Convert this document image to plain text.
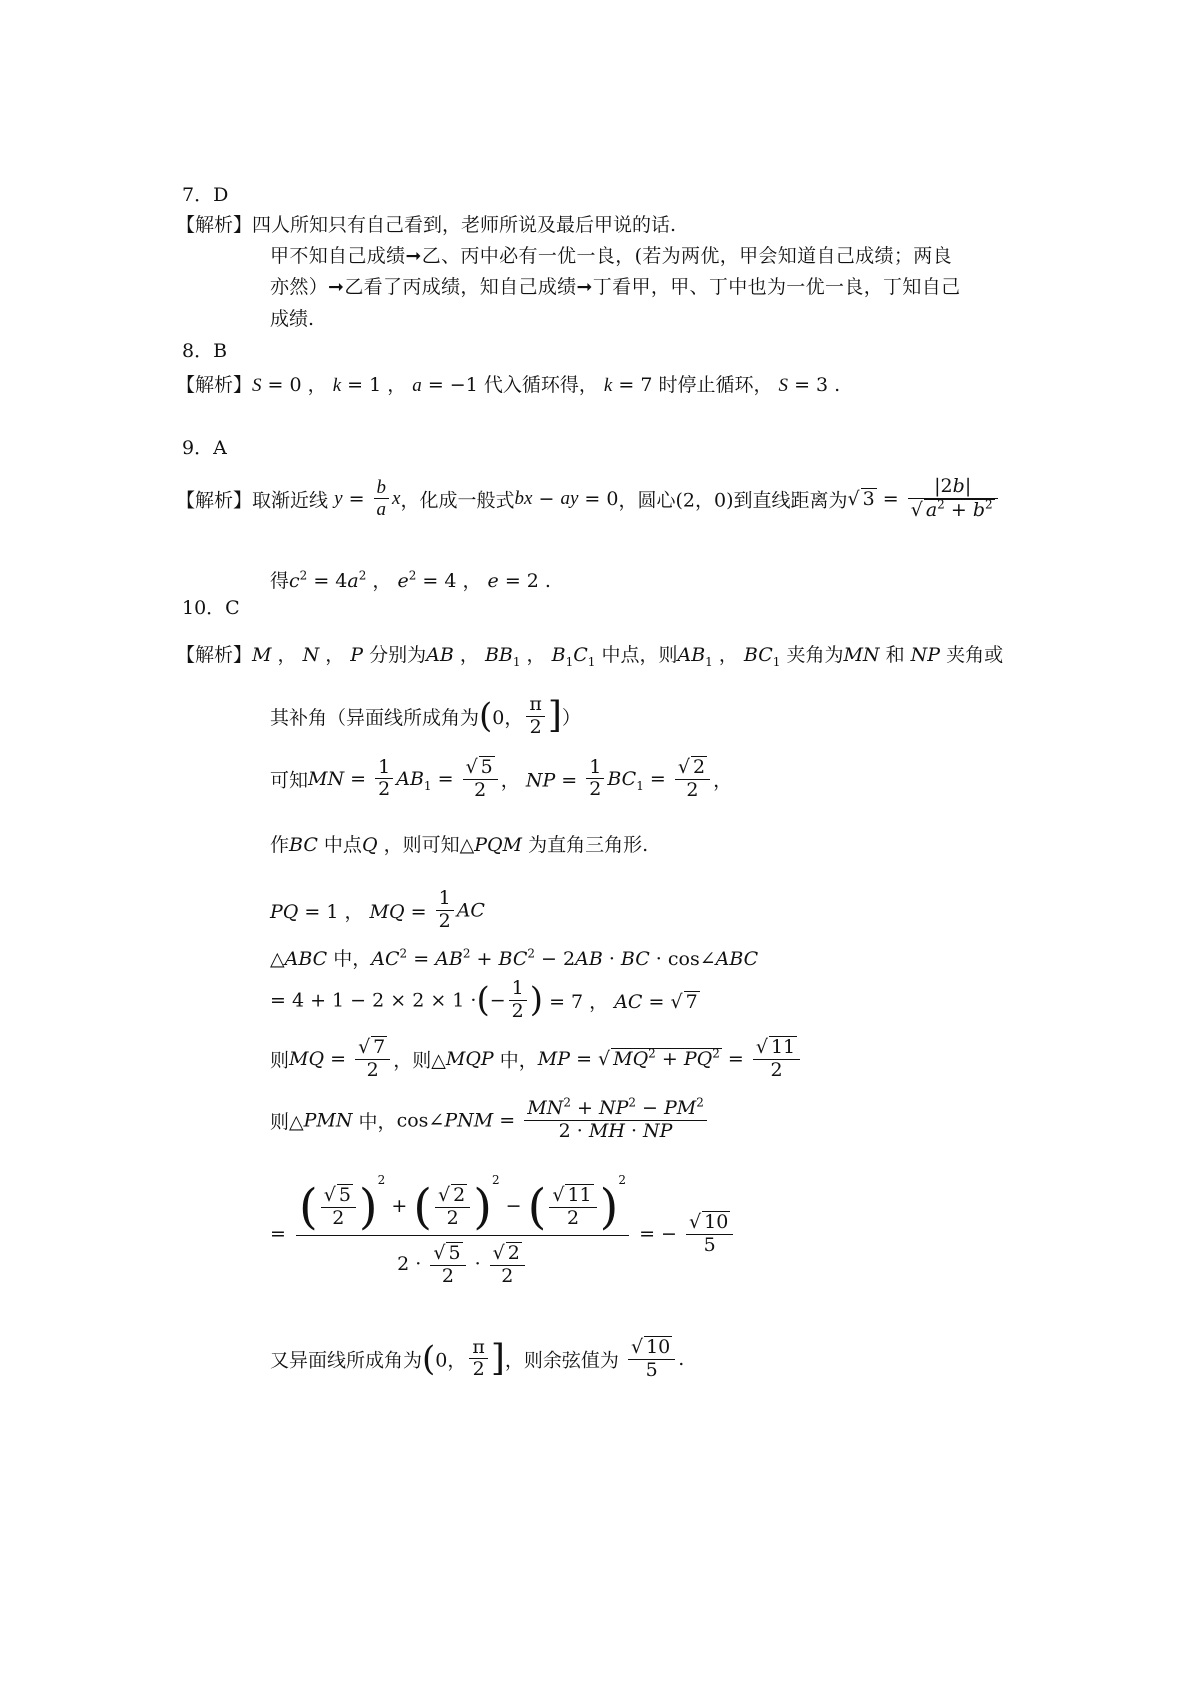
7．D
【解析】四人所知只有自己看到，老师所说及最后甲说的话.
甲不知自己成绩➞乙、丙中必有一优一良，(若为两优，甲会知道自己成绩；两良
亦然）➞乙看了丙成绩，知自己成绩➞丁看甲，甲、丁中也为一优一良，丁知自己
成绩.
8．B
【解析】S = 0 ， k = 1 ， a = −1 代入循环得， k = 7 时停止循环， S = 3 .
9．A
【解析】取渐近线 $y = \frac{b}{a}$ x，化成一般式bx − ay = 0，圆心(2，0)到直线距离为√ $3 = \frac{|2b|}{√ a^2 + b^2}$
得$c^2 = 4a^2$ ， $e^2 = 4$ ， e = 2 .
10．C
【解析】M ， N ， P 分别为AB ， $BB_1$ ， $B_1C_1$ 中点，则$AB_1$ ， $BC_1$ 夹角为MN 和 NP 夹角或
其补角（异面线所成角为(0， $\frac{\pi}{2}$ ]）
可知MN = $\frac{1}{2} AB_1 = \frac{√ 5}{2}$ ， NP = $\frac{1}{2} BC_1 = \frac{√ 2}{2}$ ，
作BC 中点Q ，则可知△PQM 为直角三角形.
PQ = 1 ， MQ = $\frac{1}{2}$ AC
△ABC 中，$AC^2 = AB^2 + BC^2 - 2AB$ · BC · cos∠ABC
= 4 + 1 − 2 × 2 × 1 ·(− $\frac{1}{2}$ ) = 7 ， AC = √ 7
则MQ = $\frac{√ 7}{2}$ ，则△MQP 中，MP = √ $MQ^2 + PQ^2 = \frac{√ 11}{2}$
则△PMN 中，cos∠PNM = $\frac{MN^2 + NP^2 - PM^2}{2 \cdot MH \cdot NP}$
= $\frac{( \frac{√ 5}{2} )^2 + ( \frac{√ 2}{2} )^2 - ( \frac{√ 11}{2} )^2}{2 \cdot \frac{√ 5}{2} \cdot \frac{√ 2}{2}}$ = − $\frac{√ 10}{5}$
又异面线所成角为(0， $\frac{\pi}{2}$ ]，则余弦值为 $\frac{√ 10}{5}$ .
